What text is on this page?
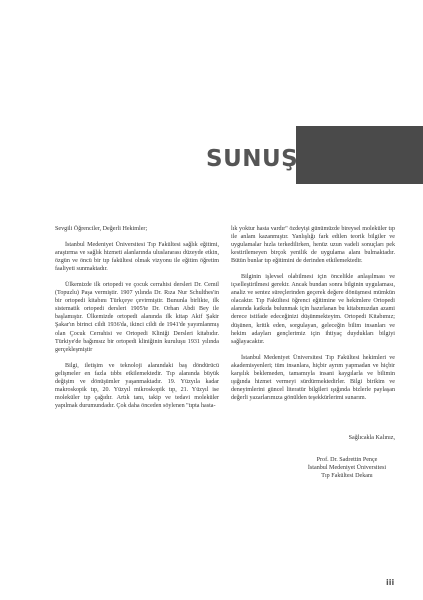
SUNUŞ

Sevgili Öğrenciler, Değerli Hekimler;

İstanbul Medeniyet Üniversitesi Tıp Fakültesi sağlık eğitimi, araştırma ve sağlık hizmeti alanlarında uluslararası düzeyde etkin, özgün ve öncü bir tıp fakültesi olmak vizyonu ile eğitim öğretim faaliyeti sunmaktadır.

Ülkemizde ilk ortopedi ve çocuk cerrahisi dersleri Dr. Cemil (Topuzlu) Paşa vermiştir. 1907 yılında Dr. Rıza Nur Schulthes'in bir ortopedi kitabını Türkçeye çevirmiştir. Bununla birlikte, ilk sistematik ortopedi dersleri 1905'te Dr. Orhan Abdi Bey ile başlamıştır. Ülkemizde ortopedi alanında ilk kitap Akif Şakir Şakar'ın birinci cildi 1936'da, ikinci cildi de 1941'de yayımlanmış olan Çocuk Cerrahisi ve Ortopedi Kliniği Dersleri kitabıdır. Türkiye'de bağımsız bir ortopedi kliniğinin kuruluşu 1931 yılında gerçekleşmiştir

Bilgi, iletişim ve teknoloji alanındaki baş döndürücü gelişmeler en fazla tıbbı etkilemektedir. Tıp alanında büyük değişim ve dönüşümler yaşanmaktadır. 19. Yüzyıla kadar makroskopik tıp, 20. Yüzyıl mikroskopik tıp, 21. Yüzyıl ise moleküler tıp çağıdır. Artık tanı, takip ve tedavi moleküler yapılmak durumundadır. Çok daha önceden söylenen "tıpta hasta-

lık yoktur hasta vardır" özdeyişi günümüzde bireysel moleküler tıp ile anlam kazanmıştır. Yanlışlığı fark edilen teorik bilgiler ve uygulamalar hızla terkedilirken, henüz uzun vadeli sonuçları pek kestirilemeyen birçok yenilik de uygulama alanı bulmaktadır. Bütün bunlar tıp eğitimini de derinden etkilemektedir.

Bilginin işlevsel olabilmesi için öncelikle anlaşılması ve içselleştirilmesi gerekir. Ancak bundan sonra bilginin uygulaması, analiz ve sentez süreçlerinden geçerek değere dönüşmesi mümkün olacaktır. Tıp Fakültesi öğrenci eğitimine ve hekimlere Ortopedi alanında katkıda bulunmak için hazırlanan bu kitabımızdan azami derece istifade edeceğinizi düşünmekteyim. Ortopedi Kitabımız; düşünen, kritik eden, sorgulayan, geleceğin bilim insanları ve hekim adayları gençlerimiz için ihtiyaç duydukları bilgiyi sağlayacaktır.

İstanbul Medeniyet Üniversitesi Tıp Fakültesi hekimleri ve akademisyenleri; tüm insanlara, hiçbir ayrım yapmadan ve hiçbir karşılık beklemeden, tamamıyla insani kaygılarla ve bilimin ışığında hizmet vermeyi sürdürmektedirler. Bilgi birikim ve deneyimlerini güncel literatür bilgileri ışığında bizlerle paylaşan değerli yazarlarımıza gönülden teşekkürlerimi sunarım.

Sağlıcakla Kalınız,
Prof. Dr. Sadrettin Pençe
İstanbul Medeniyet Üniversitesi
Tıp Fakültesi Dekanı
iii
